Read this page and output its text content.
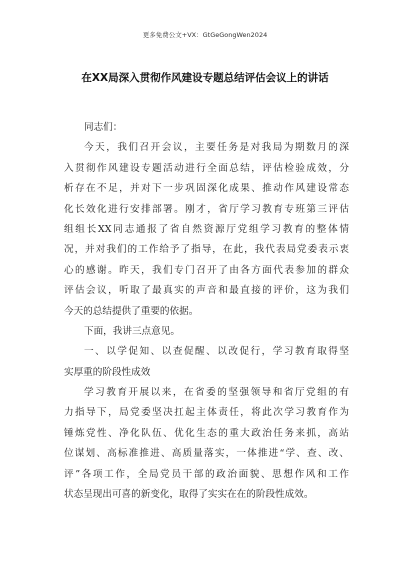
更多免费公文+VX：GtGeGongWen2024
在XX局深入贯彻作风建设专题总结评估会议上的讲话
同志们：
今天，我们召开会议，主要任务是对我局为期数月的深
入贯彻作风建设专题活动进行全面总结，评估检验成效，分
析存在不足，并对下一步巩固深化成果、推动作风建设常态
化长效化进行安排部署。刚才，省厅学习教育专班第三评估
组组长XX同志通报了省自然资源厅党组学习教育的整体情
况，并对我们的工作给予了指导，在此，我代表局党委表示衷
心的感谢。昨天，我们专门召开了由各方面代表参加的群众
评估会议，听取了最真实的声音和最直接的评价，这为我们
今天的总结提供了重要的依据。
下面，我讲三点意见。
一、以学促知、以查促醒、以改促行，学习教育取得坚
实厚重的阶段性成效
学习教育开展以来，在省委的坚强领导和省厅党组的有
力指导下，局党委坚决扛起主体责任，将此次学习教育作为
锤炼党性、净化队伍、优化生态的重大政治任务来抓，高站
位谋划、高标准推进、高质量落实，一体推进“学、查、改、
评”各项工作，全局党员干部的政治面貌、思想作风和工作
状态呈现出可喜的新变化，取得了实实在在的阶段性成效。
